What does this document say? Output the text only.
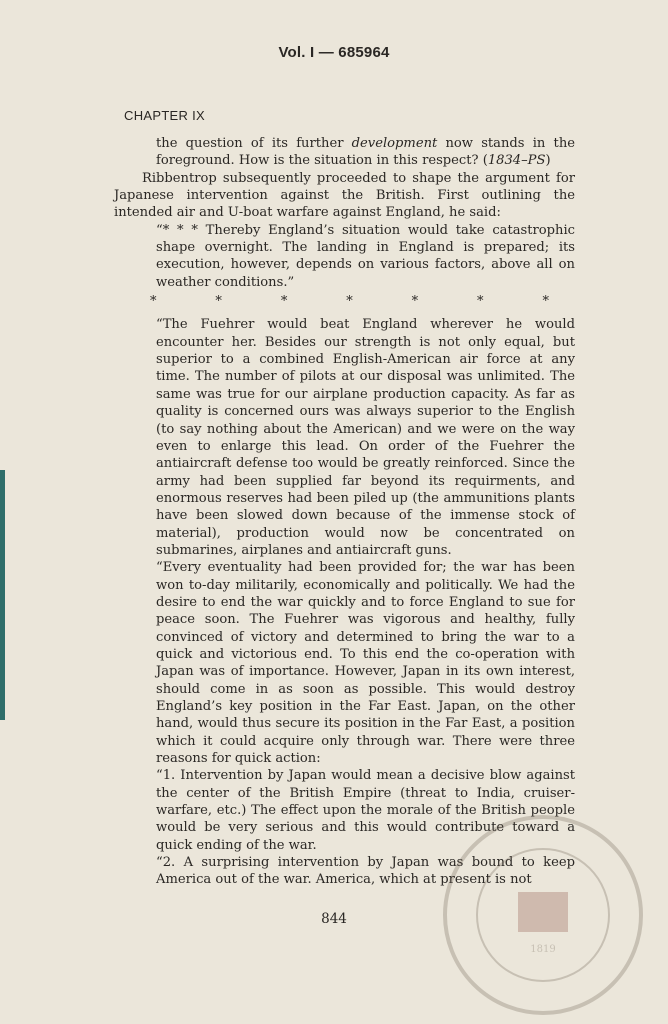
Vol. I — 685964
CHAPTER IX

the question of its further development now stands in the foreground. How is the situation in this respect? (1834–PS)

Ribbentrop subsequently proceeded to shape the argument for Japanese intervention against the British. First outlining the intended air and U-boat warfare against England, he said:

“* * * Thereby England’s situation would take catastrophic shape overnight. The landing in England is prepared; its execution, however, depends on various factors, above all on weather conditions.”

*	*	*	*	*	*	*

“The Fuehrer would beat England wherever he would encounter her. Besides our strength is not only equal, but superior to a combined English-American air force at any time. The number of pilots at our disposal was unlimited. The same was true for our airplane production capacity. As far as quality is concerned ours was always superior to the English (to say nothing about the American) and we were on the way even to enlarge this lead. On order of the Fuehrer the antiaircraft defense too would be greatly reinforced. Since the army had been supplied far beyond its requirments, and enormous reserves had been piled up (the ammunitions plants have been slowed down because of the immense stock of material), production would now be concentrated on submarines, airplanes and antiaircraft guns.

“Every eventuality had been provided for; the war has been won to-day militarily, economically and politically. We had the desire to end the war quickly and to force England to sue for peace soon. The Fuehrer was vigorous and healthy, fully convinced of victory and determined to bring the war to a quick and victorious end. To this end the co-operation with Japan was of importance. However, Japan in its own interest, should come in as soon as possible. This would destroy England’s key position in the Far East. Japan, on the other hand, would thus secure its position in the Far East, a position which it could acquire only through war. There were three reasons for quick action:

“1. Intervention by Japan would mean a decisive blow against the center of the British Empire (threat to India, cruiser-warfare, etc.) The effect upon the morale of the British people would be very serious and this would contribute toward a quick ending of the war.

“2. A surprising intervention by Japan was bound to keep America out of the war. America, which at present is not

844
1819
